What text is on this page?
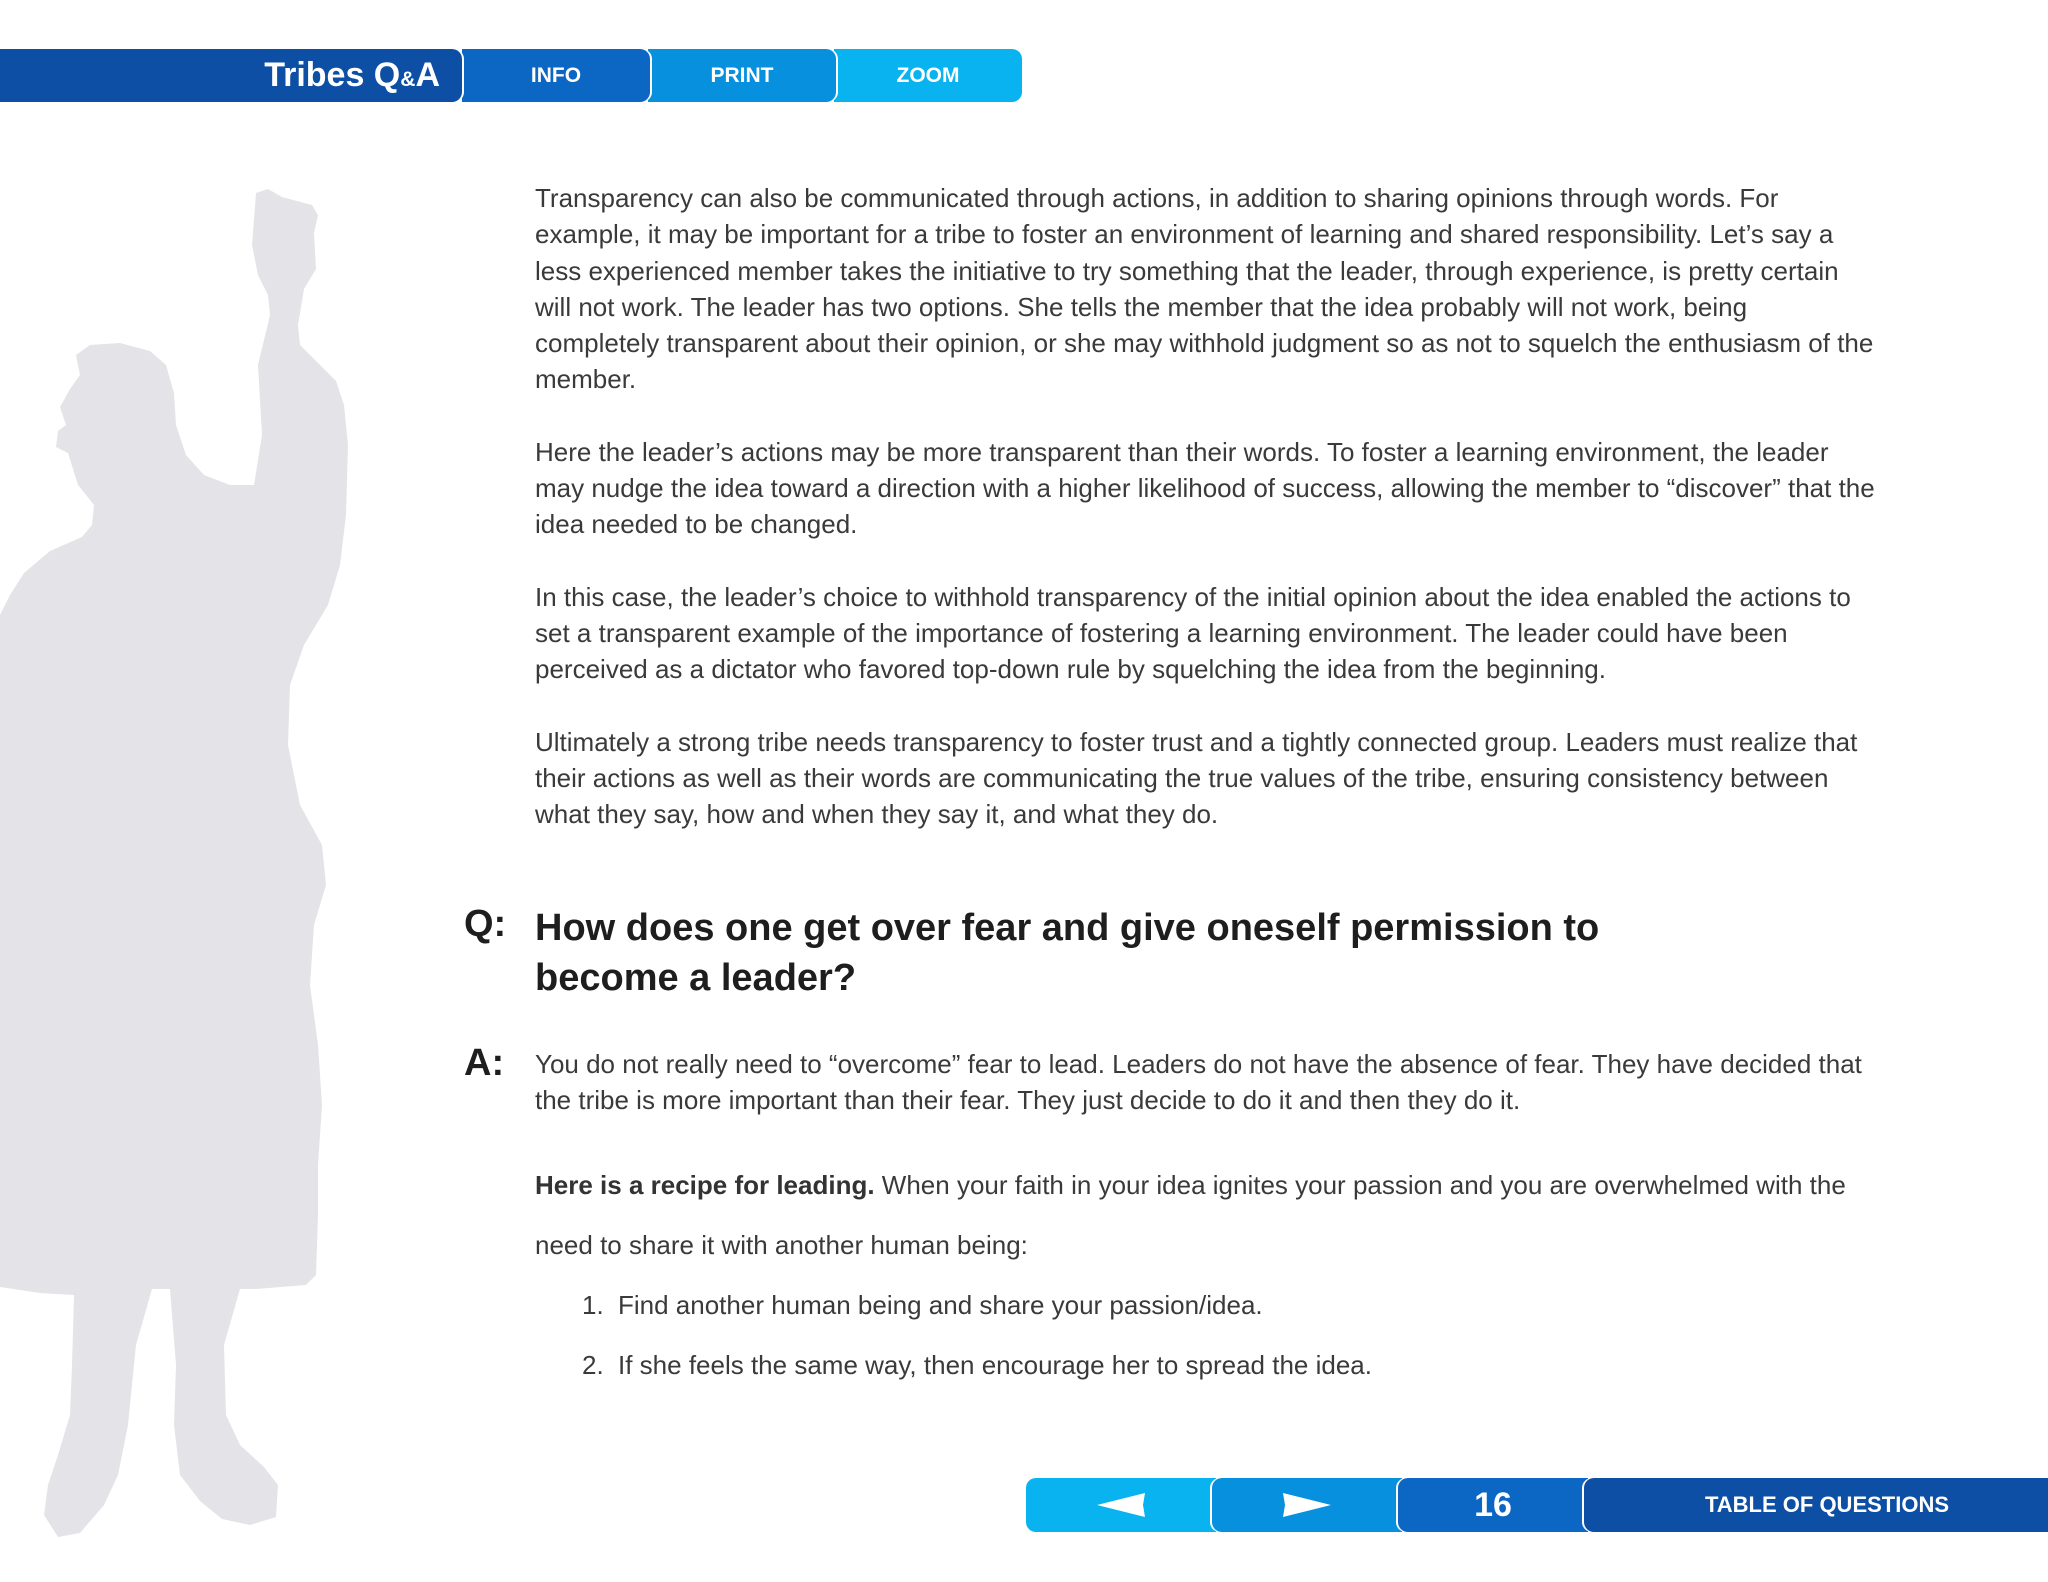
Tribes Q & A	INFO	PRINT	ZOOM

Transparency can also be communicated through actions, in addition to sharing opinions through words. For example, it may be important for a tribe to foster an environment of learning and shared responsibility. Let’s say a less experienced member takes the initiative to try something that the leader, through experience, is pretty certain will not work. The leader has two options. She tells the member that the idea probably will not work, being completely transparent about their opinion, or she may withhold judgment so as not to squelch the enthusiasm of the member.

Here the leader’s actions may be more transparent than their words. To foster a learning environment, the leader may nudge the idea toward a direction with a higher likelihood of success, allowing the member to “discover” that the idea needed to be changed.

In this case, the leader’s choice to withhold transparency of the initial opinion about the idea enabled the actions to set a transparent example of the importance of fostering a learning environment. The leader could have been perceived as a dictator who favored top-down rule by squelching the idea from the beginning.

Ultimately a strong tribe needs transparency to foster trust and a tightly connected group. Leaders must realize that their actions as well as their words are communicating the true values of the tribe, ensuring consistency between what they say, how and when they say it, and what they do.

Q: How does one get over fear and give oneself permission to become a leader?
A: You do not really need to “overcome” fear to lead. Leaders do not have the absence of fear. They have decided that the tribe is more important than their fear. They just decide to do it and then they do it.

Here is a recipe for leading. When your faith in your idea ignites your passion and you are overwhelmed with the need to share it with another human being:

1. Find another human being and share your passion/idea.
2. If she feels the same way, then encourage her to spread the idea.
16	TABLE OF QUESTIONS
